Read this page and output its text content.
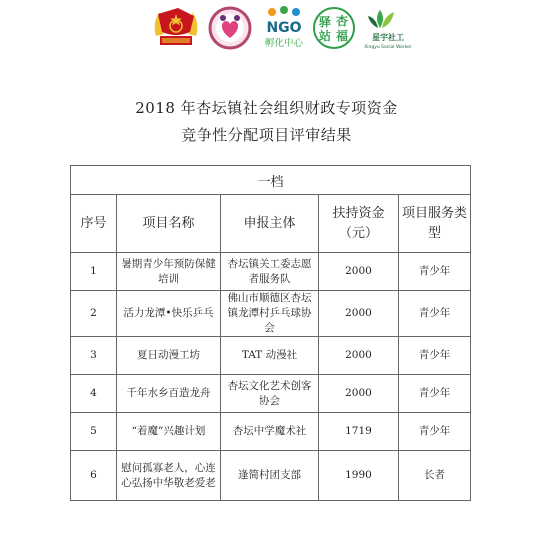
NGO
孵化中心
驿 杏
站 福	星宇社工
Xingyu Social Worker
2018 年杏坛镇社会组织财政专项资金
竞争性分配项目评审结果
一档				
序号	项目名称	申报主体	扶持资金（元）	项目服务类型
1	暑期青少年预防保健培训	杏坛镇关工委志愿者服务队	2000	青少年
2	活力龙潭•快乐乒乓	佛山市顺德区杏坛镇龙潭村乒乓球协会	2000	青少年
3	夏日动漫工坊	TAT 动漫社	2000	青少年
4	千年水乡百造龙舟	杏坛文化艺术创客协会	2000	青少年
5	“着魔”兴趣计划	杏坛中学魔术社	1719	青少年
6	慰问孤寡老人，心连心弘扬中华敬老爱老	逢简村团支部	1990	长者
